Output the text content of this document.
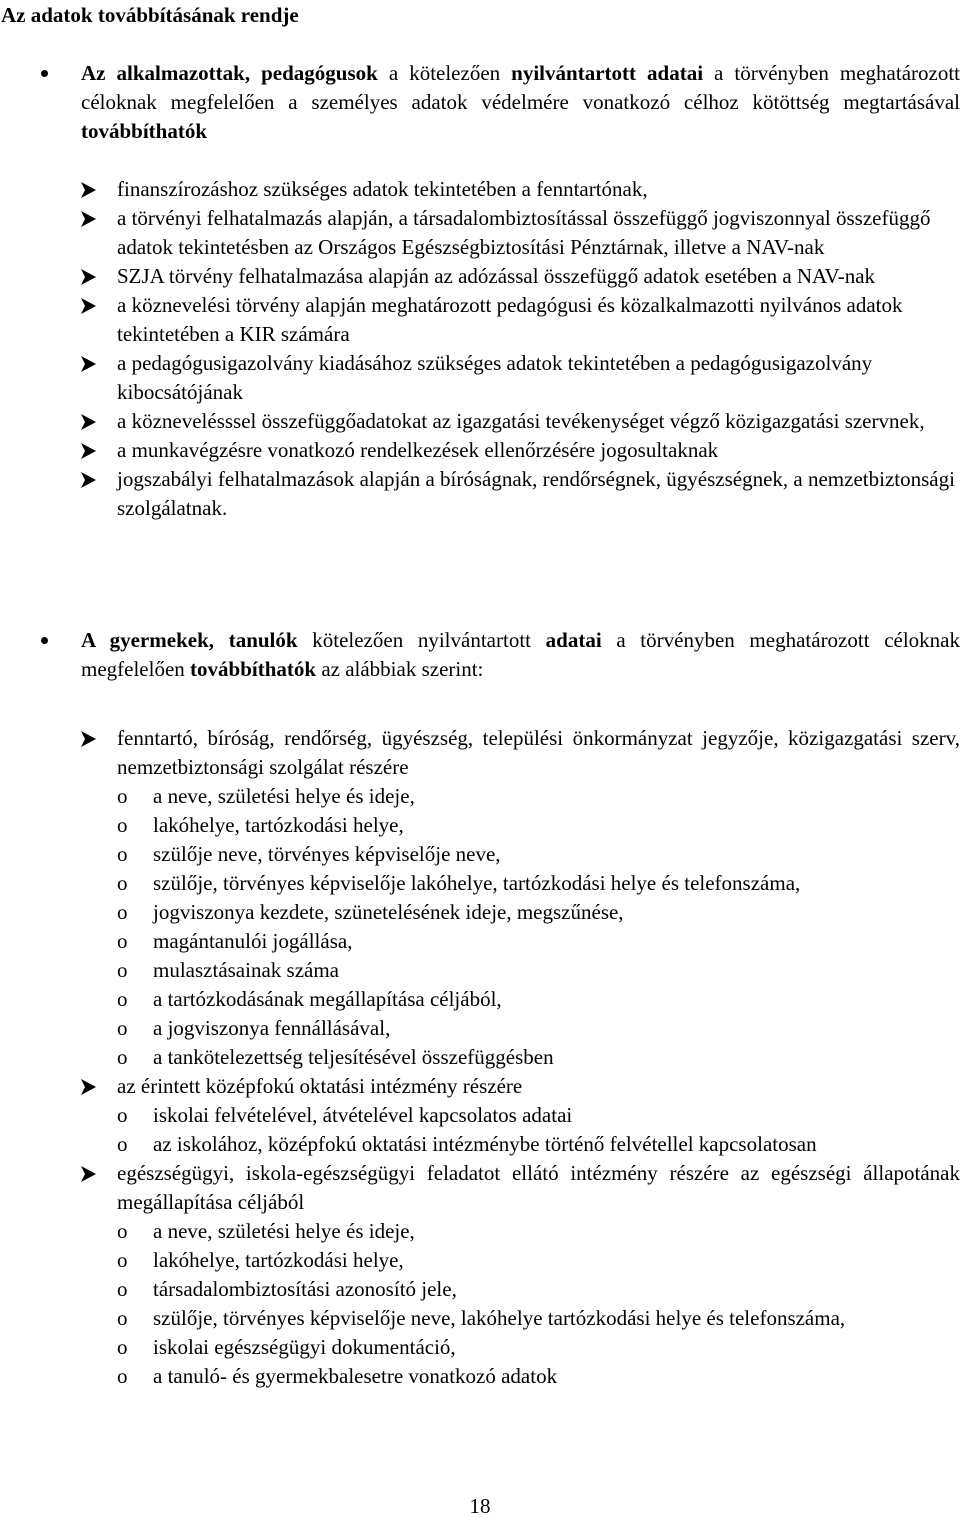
Az adatok továbbításának rendje
Az alkalmazottak, pedagógusok a kötelezően nyilvántartott adatai a törvényben meghatározott céloknak megfelelően a személyes adatok védelmére vonatkozó célhoz kötöttség megtartásával továbbíthatók
finanszírozáshoz szükséges adatok tekintetében a fenntartónak,
a törvényi felhatalmazás alapján, a társadalombiztosítással összefüggő jogviszonnyal összefüggő adatok tekintetésben az Országos Egészségbiztosítási Pénztárnak, illetve a NAV-nak
SZJA törvény felhatalmazása alapján az adózással összefüggő adatok esetében a NAV-nak
a köznevelési törvény alapján meghatározott pedagógusi és közalkalmazotti nyilvános adatok tekintetében a KIR számára
a pedagógusigazolvány kiadásához szükséges adatok tekintetében a pedagógusigazolvány kibocsátójának
a köznevelésssel összefüggőadatokat az igazgatási tevékenységet végző közigazgatási szervnek,
a munkavégzésre vonatkozó rendelkezések ellenőrzésére jogosultaknak
jogszabályi felhatalmazások alapján a bíróságnak, rendőrségnek, ügyészségnek, a nemzetbiztonsági szolgálatnak.
A gyermekek, tanulók kötelezően nyilvántartott adatai a törvényben meghatározott céloknak megfelelően továbbíthatók az alábbiak szerint:
fenntartó, bíróság, rendőrség, ügyészség, települési önkormányzat jegyzője, közigazgatási szerv, nemzetbiztonsági szolgálat részére
o a neve, születési helye és ideje,
o lakóhelye, tartózkodási helye,
o szülője neve, törvényes képviselője neve,
o szülője, törvényes képviselője lakóhelye, tartózkodási helye és telefonszáma,
o jogviszonya kezdete, szünetelésének ideje, megszűnése,
o magántanulói jogállása,
o mulasztásainak száma
o a tartózkodásának megállapítása céljából,
o a jogviszonya fennállásával,
o a tankötelezettség teljesítésével összefüggésben
az érintett középfokú oktatási intézmény részére
o iskolai felvételével, átvételével kapcsolatos adatai
o az iskolához, középfokú oktatási intézménybe történő felvétellel kapcsolatosan
egészségügyi, iskola-egészségügyi feladatot ellátó intézmény részére az egészségi állapotának megállapítása céljából
o a neve, születési helye és ideje,
o lakóhelye, tartózkodási helye,
o társadalombiztosítási azonosító jele,
o szülője, törvényes képviselője neve, lakóhelye tartózkodási helye és telefonszáma,
o iskolai egészségügyi dokumentáció,
o a tanuló- és gyermekbalesetre vonatkozó adatok
18
